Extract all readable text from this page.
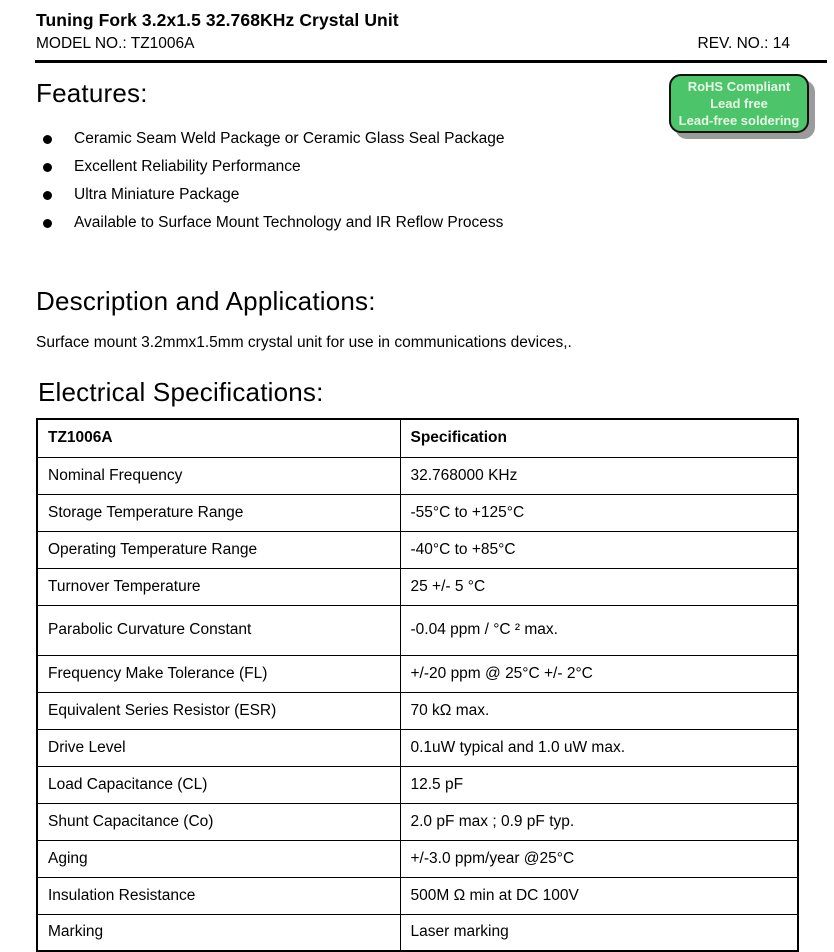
Tuning Fork 3.2x1.5 32.768KHz Crystal Unit
MODEL NO.: TZ1006A	REV. NO.: 14
RoHS Compliant
Lead free
Lead-free soldering
Features:
Ceramic Seam Weld Package or Ceramic Glass Seal Package
Excellent Reliability Performance
Ultra Miniature Package
Available to Surface Mount Technology and IR Reflow Process
Description and Applications:

Surface mount 3.2mmx1.5mm crystal unit for use in communications devices,.

Electrical Specifications:
TZ1006A	Specification
Nominal Frequency	32.768000 KHz
Storage Temperature Range	-55°C to +125°C
Operating Temperature Range	-40°C to +85°C
Turnover Temperature	25 +/- 5 °C
Parabolic Curvature Constant	-0.04 ppm / °C ² max.
Frequency Make Tolerance (FL)	+/-20 ppm @ 25°C +/- 2°C
Equivalent Series Resistor (ESR)	70 kΩ max.
Drive Level	0.1uW typical and 1.0 uW max.
Load Capacitance (CL)	12.5 pF
Shunt Capacitance (Co)	2.0 pF max ; 0.9 pF typ.
Aging	+/-3.0 ppm/year @25°C
Insulation Resistance	500M Ω min at DC 100V
Marking	Laser marking
